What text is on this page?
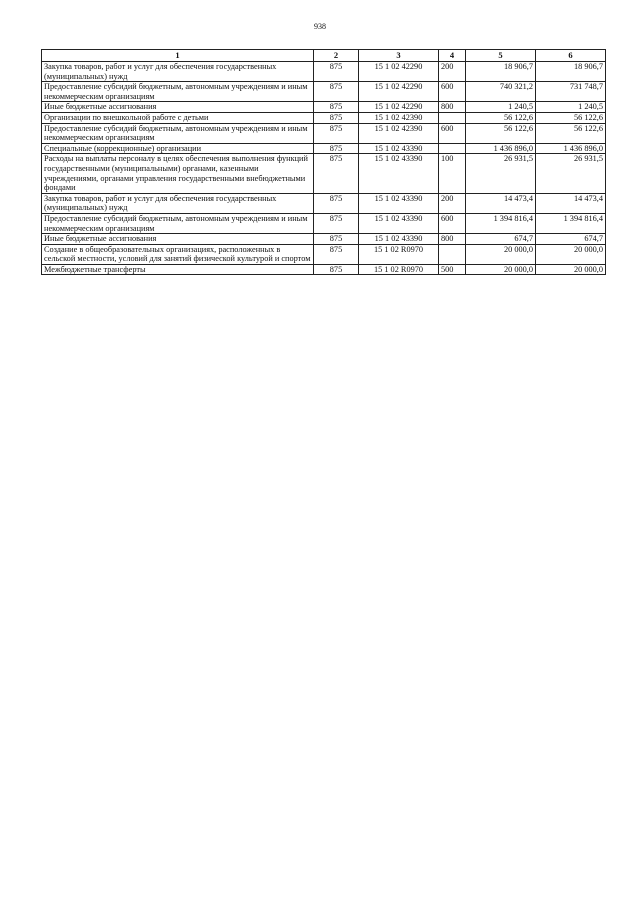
938
1	2	3	4	5	6
Закупка товаров, работ и услуг для обеспечения государственных (муниципальных) нужд	875	15 1 02 42290	200	18 906,7	18 906,7
Предоставление субсидий бюджетным, автономным учреждениям и иным некоммерческим организациям	875	15 1 02 42290	600	740 321,2	731 748,7
Иные бюджетные ассигнования	875	15 1 02 42290	800	1 240,5	1 240,5
Организации по внешкольной работе с детьми	875	15 1 02 42390		56 122,6	56 122,6
Предоставление субсидий бюджетным, автономным учреждениям и иным некоммерческим организациям	875	15 1 02 42390	600	56 122,6	56 122,6
Специальные (коррекционные) организации	875	15 1 02 43390		1 436 896,0	1 436 896,0
Расходы на выплаты персоналу в целях обеспечения выполнения функций государственными (муниципальными) органами, казенными учреждениями, органами управления государственными внебюджетными фондами	875	15 1 02 43390	100	26 931,5	26 931,5
Закупка товаров, работ и услуг для обеспечения государственных (муниципальных) нужд	875	15 1 02 43390	200	14 473,4	14 473,4
Предоставление субсидий бюджетным, автономным учреждениям и иным некоммерческим организациям	875	15 1 02 43390	600	1 394 816,4	1 394 816,4
Иные бюджетные ассигнования	875	15 1 02 43390	800	674,7	674,7
Создание в общеобразовательных организациях, расположенных в сельской местности, условий для занятий физической культурой и спортом	875	15 1 02 R0970		20 000,0	20 000,0
Межбюджетные трансферты	875	15 1 02 R0970	500	20 000,0	20 000,0
